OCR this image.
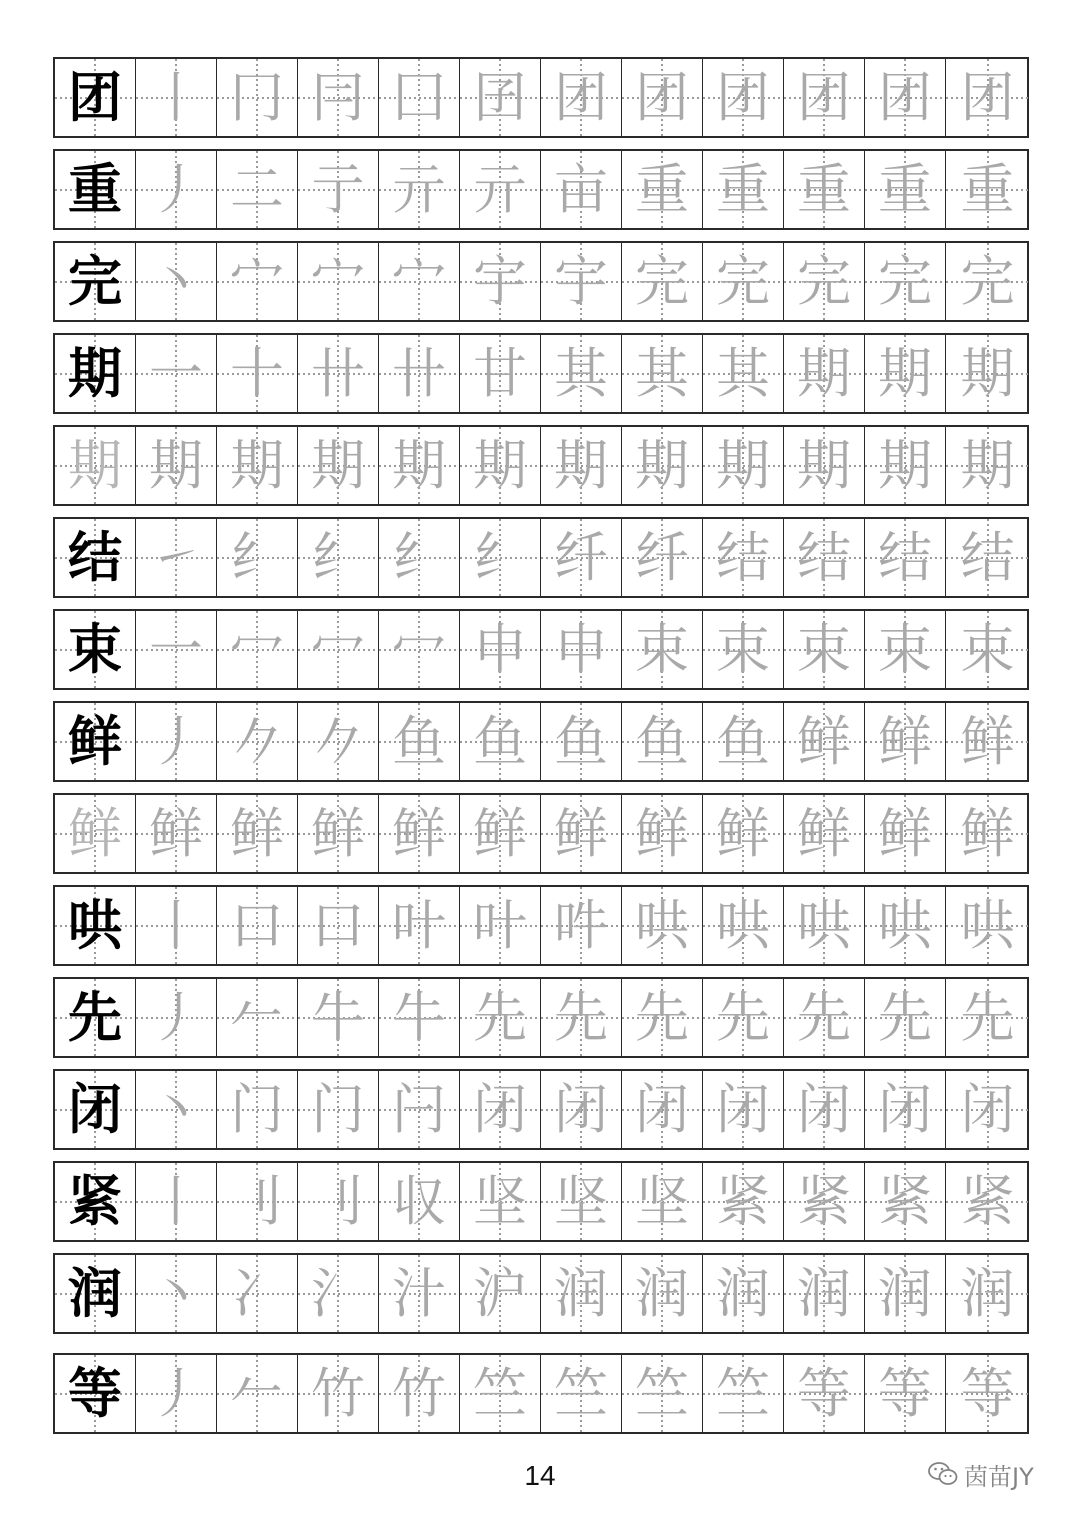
团 丨 冂 冃 囗 囝 团 团 团 团 团 团
重 丿 二 亍 亓 亓 亩 重 重 重 重 重
完 丶 宀 宀 宀 宇 宇 完 完 完 完 完
期 一 十 卄 卄 甘 其 其 其 期 期 期
期 期 期 期 期 期 期 期 期 期 期 期
结 ㇀ 纟 纟 纟 纟 纤 纤 结 结 结 结
束 一 冖 冖 冖 申 申 束 束 束 束 束
鲜 丿 𠂊 𠂊 鱼 鱼 鱼 鱼 鱼 鲜 鲜 鲜
鲜 鲜 鲜 鲜 鲜 鲜 鲜 鲜 鲜 鲜 鲜 鲜
哄 丨 口 口 叶 叶 吽 哄 哄 哄 哄 哄
先 丿 𠂉 牛 牛 先 先 先 先 先 先 先
闭 丶 门 门 闩 闭 闭 闭 闭 闭 闭 闭
紧 丨 刂 刂 収 坚 坚 坚 紧 紧 紧 紧
润 丶 冫 氵 汁 沪 润 润 润 润 润 润
等 丿 𠂉 竹 竹 竺 竺 竺 竺 等 等 等
14	茵苗JY
